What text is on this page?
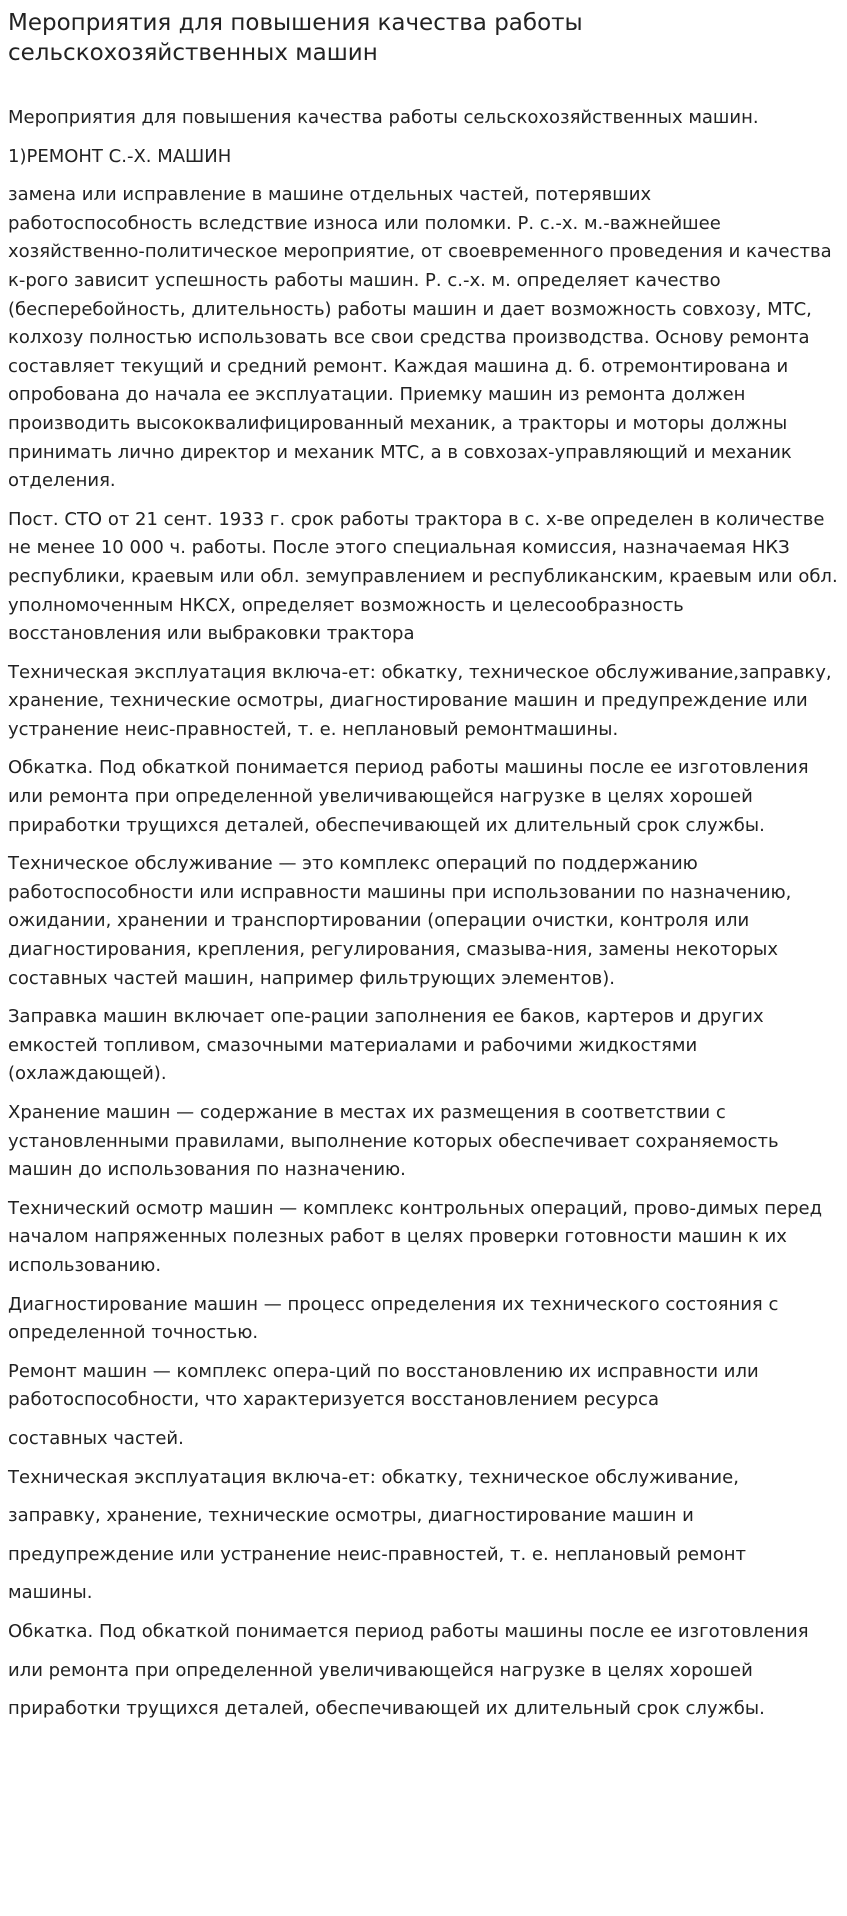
Мероприятия для повышения качества работы сельскохозяйственных машин

Мероприятия для повышения качества работы сельскохозяйственных машин.

1)РЕМОНТ С.-Х. МАШИН

замена или исправление в машине отдельных частей, потерявших работоспособность вследствие износа или поломки. Р. с.-х. м.-важнейшее хозяйственно-политическое мероприятие, от своевременного проведения и качества к-рого зависит успешность работы машин. Р. с.-х. м. определяет качество (бесперебойность, длительность) работы машин и дает возможность совхозу, МТС, колхозу полностью использовать все свои средства производства. Основу ремонта составляет текущий и средний ремонт. Каждая машина д. б. отремонтирована и опробована до начала ее эксплуатации. Приемку машин из ремонта должен производить высококвалифицированный механик, а тракторы и моторы должны принимать лично директор и механик МТС, а в совхозах-управляющий и механик отделения.

Пост. СТО от 21 сент. 1933 г. срок работы трактора в с. х-ве определен в количестве не менее 10 000 ч. работы. После этого специальная комиссия, назначаемая НКЗ республики, краевым или обл. земуправлением и республиканским, краевым или обл. уполномоченным НКСХ, определяет возможность и целесообразность восстановления или выбраковки трактора

Техническая эксплуатация включа-ет: обкатку, техническое обслуживание,заправку, хранение, технические осмотры, диагностирование машин и предупреждение или устранение неис-правностей, т. е. неплановый ремонтмашины.

Обкатка. Под обкаткой понимается период работы машины после ее изготовления или ремонта при определенной увеличивающейся нагрузке в целях хорошей приработки трущихся деталей, обеспечивающей их длительный срок службы.

Техническое обслуживание — это комплекс операций по поддержанию работоспособности или исправности машины при использовании по назначению, ожидании, хранении и транспортировании (операции очистки, контроля или диагностирования, крепления, регулирования, смазыва-ния, замены некоторых составных частей машин, например фильтрующих элементов).

Заправка машин включает опе-рации заполнения ее баков, картеров и других емкостей топливом, смазочными материалами и рабочими жидкостями (охлаждающей).

Хранение машин — содержание в местах их размещения в соответствии с установленными правилами, выполнение которых обеспечивает сохраняемость машин до использования по назначению.

Технический осмотр машин — комплекс контрольных операций, прово-димых перед началом напряженных полезных работ в целях проверки готовности машин к их использованию.

Диагностирование машин — процесс определения их технического состояния с определенной точностью.

Ремонт машин — комплекс опера-ций по восстановлению их исправности или работоспособности, что характеризуется восстановлением ресурса

составных частей.

Техническая эксплуатация включа-ет: обкатку, техническое обслуживание,

заправку, хранение, технические осмотры, диагностирование машин и

предупреждение или устранение неис-правностей, т. е. неплановый ремонт

машины.

Обкатка. Под обкаткой понимается период работы машины после ее изготовления

или ремонта при определенной увеличивающейся нагрузке в целях хорошей

приработки трущихся деталей, обеспечивающей их длительный срок службы.
